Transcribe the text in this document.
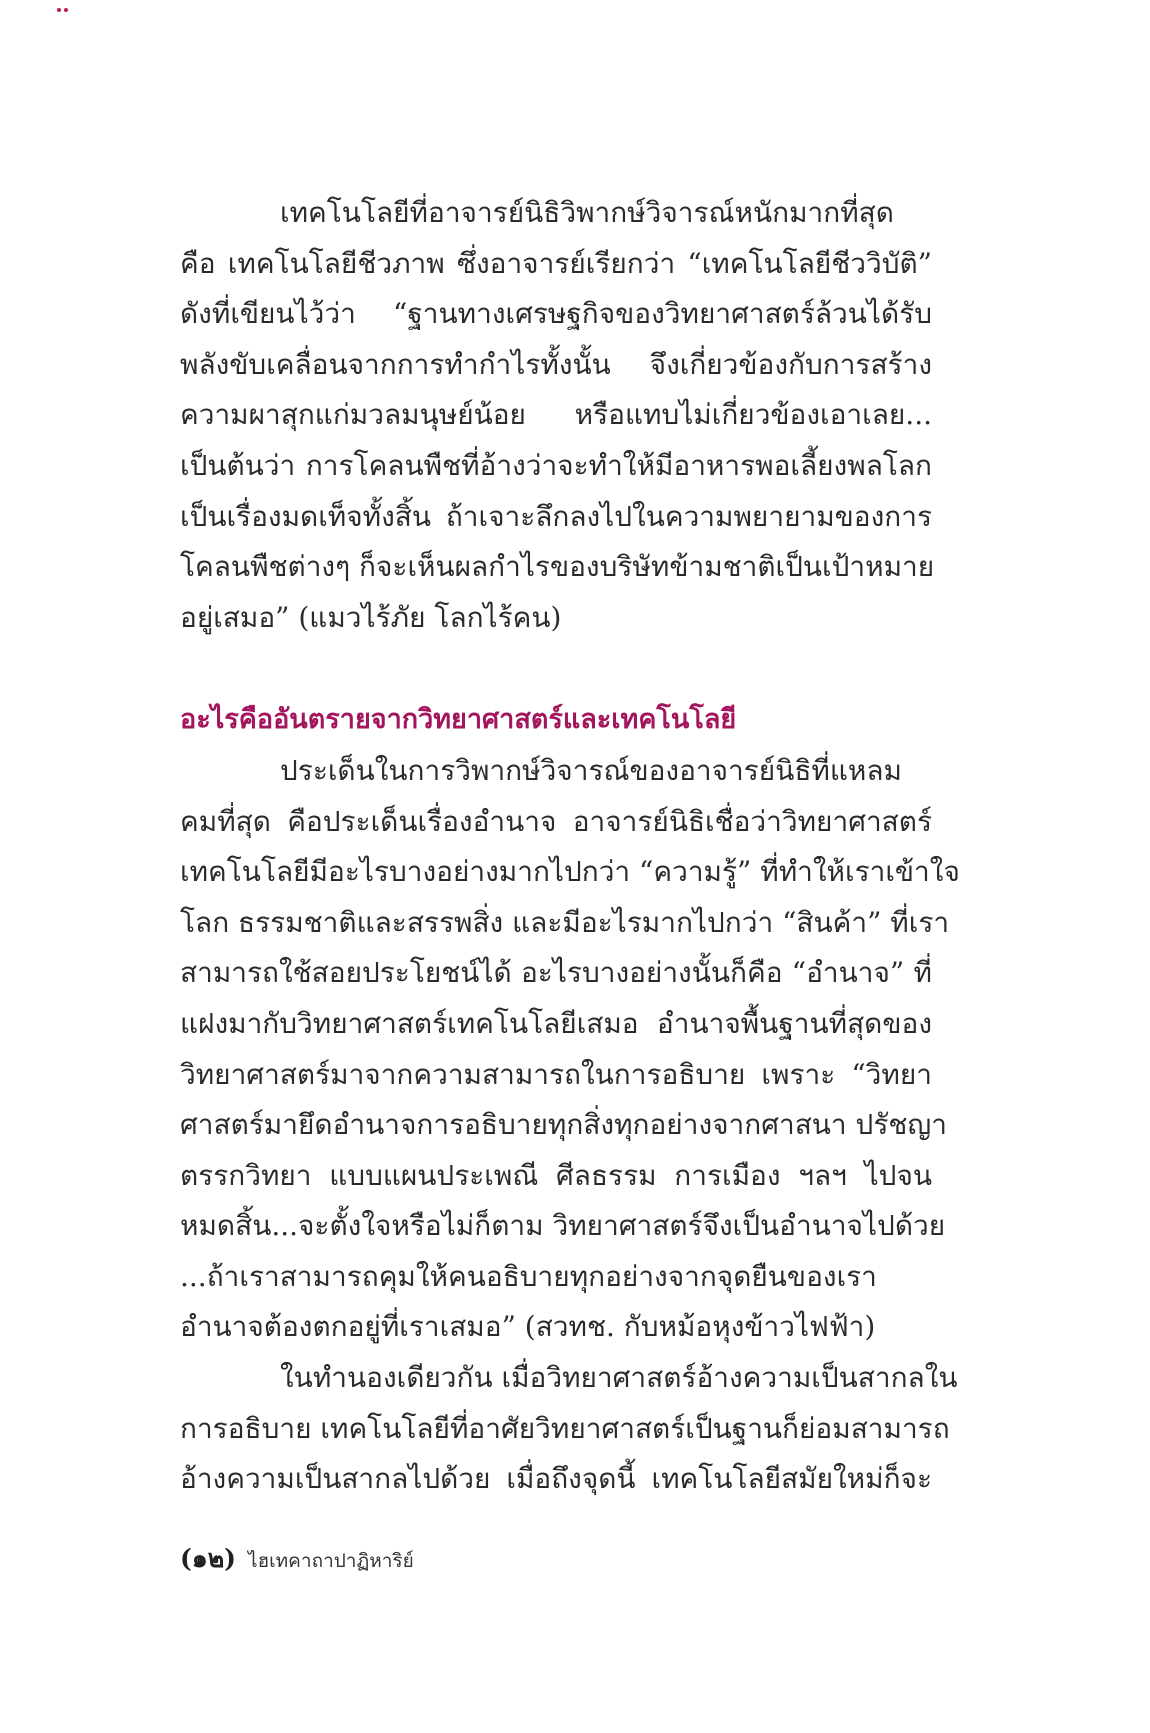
เทคโนโลยีที่อาจารย์นิธิวิพากษ์วิจารณ์หนักมากที่สุด
คือ เทคโนโลยีชีวภาพ ซึ่งอาจารย์เรียกว่า “เทคโนโลยีชีววิบัติ”
ดังที่เขียนไว้ว่า “ฐานทางเศรษฐกิจของวิทยาศาสตร์ล้วนได้รับ
พลังขับเคลื่อนจากการทำกำไรทั้งนั้น จึงเกี่ยวข้องกับการสร้าง
ความผาสุกแก่มวลมนุษย์น้อย หรือแทบไม่เกี่ยวข้องเอาเลย...
เป็นต้นว่า การโคลนพืชที่อ้างว่าจะทำให้มีอาหารพอเลี้ยงพลโลก
เป็นเรื่องมดเท็จทั้งสิ้น ถ้าเจาะลึกลงไปในความพยายามของการ
โคลนพืชต่างๆ ก็จะเห็นผลกำไรของบริษัทข้ามชาติเป็นเป้าหมาย
อยู่เสมอ” (แมวไร้ภัย โลกไร้คน)
อะไรคืออันตรายจากวิทยาศาสตร์และเทคโนโลยี
ประเด็นในการวิพากษ์วิจารณ์ของอาจารย์นิธิที่แหลม
คมที่สุด คือประเด็นเรื่องอำนาจ อาจารย์นิธิเชื่อว่าวิทยาศาสตร์
เทคโนโลยีมีอะไรบางอย่างมากไปกว่า “ความรู้” ที่ทำให้เราเข้าใจ
โลก ธรรมชาติและสรรพสิ่ง และมีอะไรมากไปกว่า “สินค้า” ที่เรา
สามารถใช้สอยประโยชน์ได้ อะไรบางอย่างนั้นก็คือ “อำนาจ” ที่
แฝงมากับวิทยาศาสตร์เทคโนโลยีเสมอ อำนาจพื้นฐานที่สุดของ
วิทยาศาสตร์มาจากความสามารถในการอธิบาย เพราะ “วิทยา
ศาสตร์มายึดอำนาจการอธิบายทุกสิ่งทุกอย่างจากศาสนา ปรัชญา
ตรรกวิทยา แบบแผนประเพณี ศีลธรรม การเมือง ฯลฯ ไปจน
หมดสิ้น...จะตั้งใจหรือไม่ก็ตาม วิทยาศาสตร์จึงเป็นอำนาจไปด้วย
...ถ้าเราสามารถคุมให้คนอธิบายทุกอย่างจากจุดยืนของเรา
อำนาจต้องตกอยู่ที่เราเสมอ” (สวทช. กับหม้อหุงข้าวไฟฟ้า)
ในทำนองเดียวกัน เมื่อวิทยาศาสตร์อ้างความเป็นสากลใน
การอธิบาย เทคโนโลยีที่อาศัยวิทยาศาสตร์เป็นฐานก็ย่อมสามารถ
อ้างความเป็นสากลไปด้วย เมื่อถึงจุดนี้ เทคโนโลยีสมัยใหม่ก็จะ
(๑๒) ไฮเทคาถาปาฏิหาริย์
